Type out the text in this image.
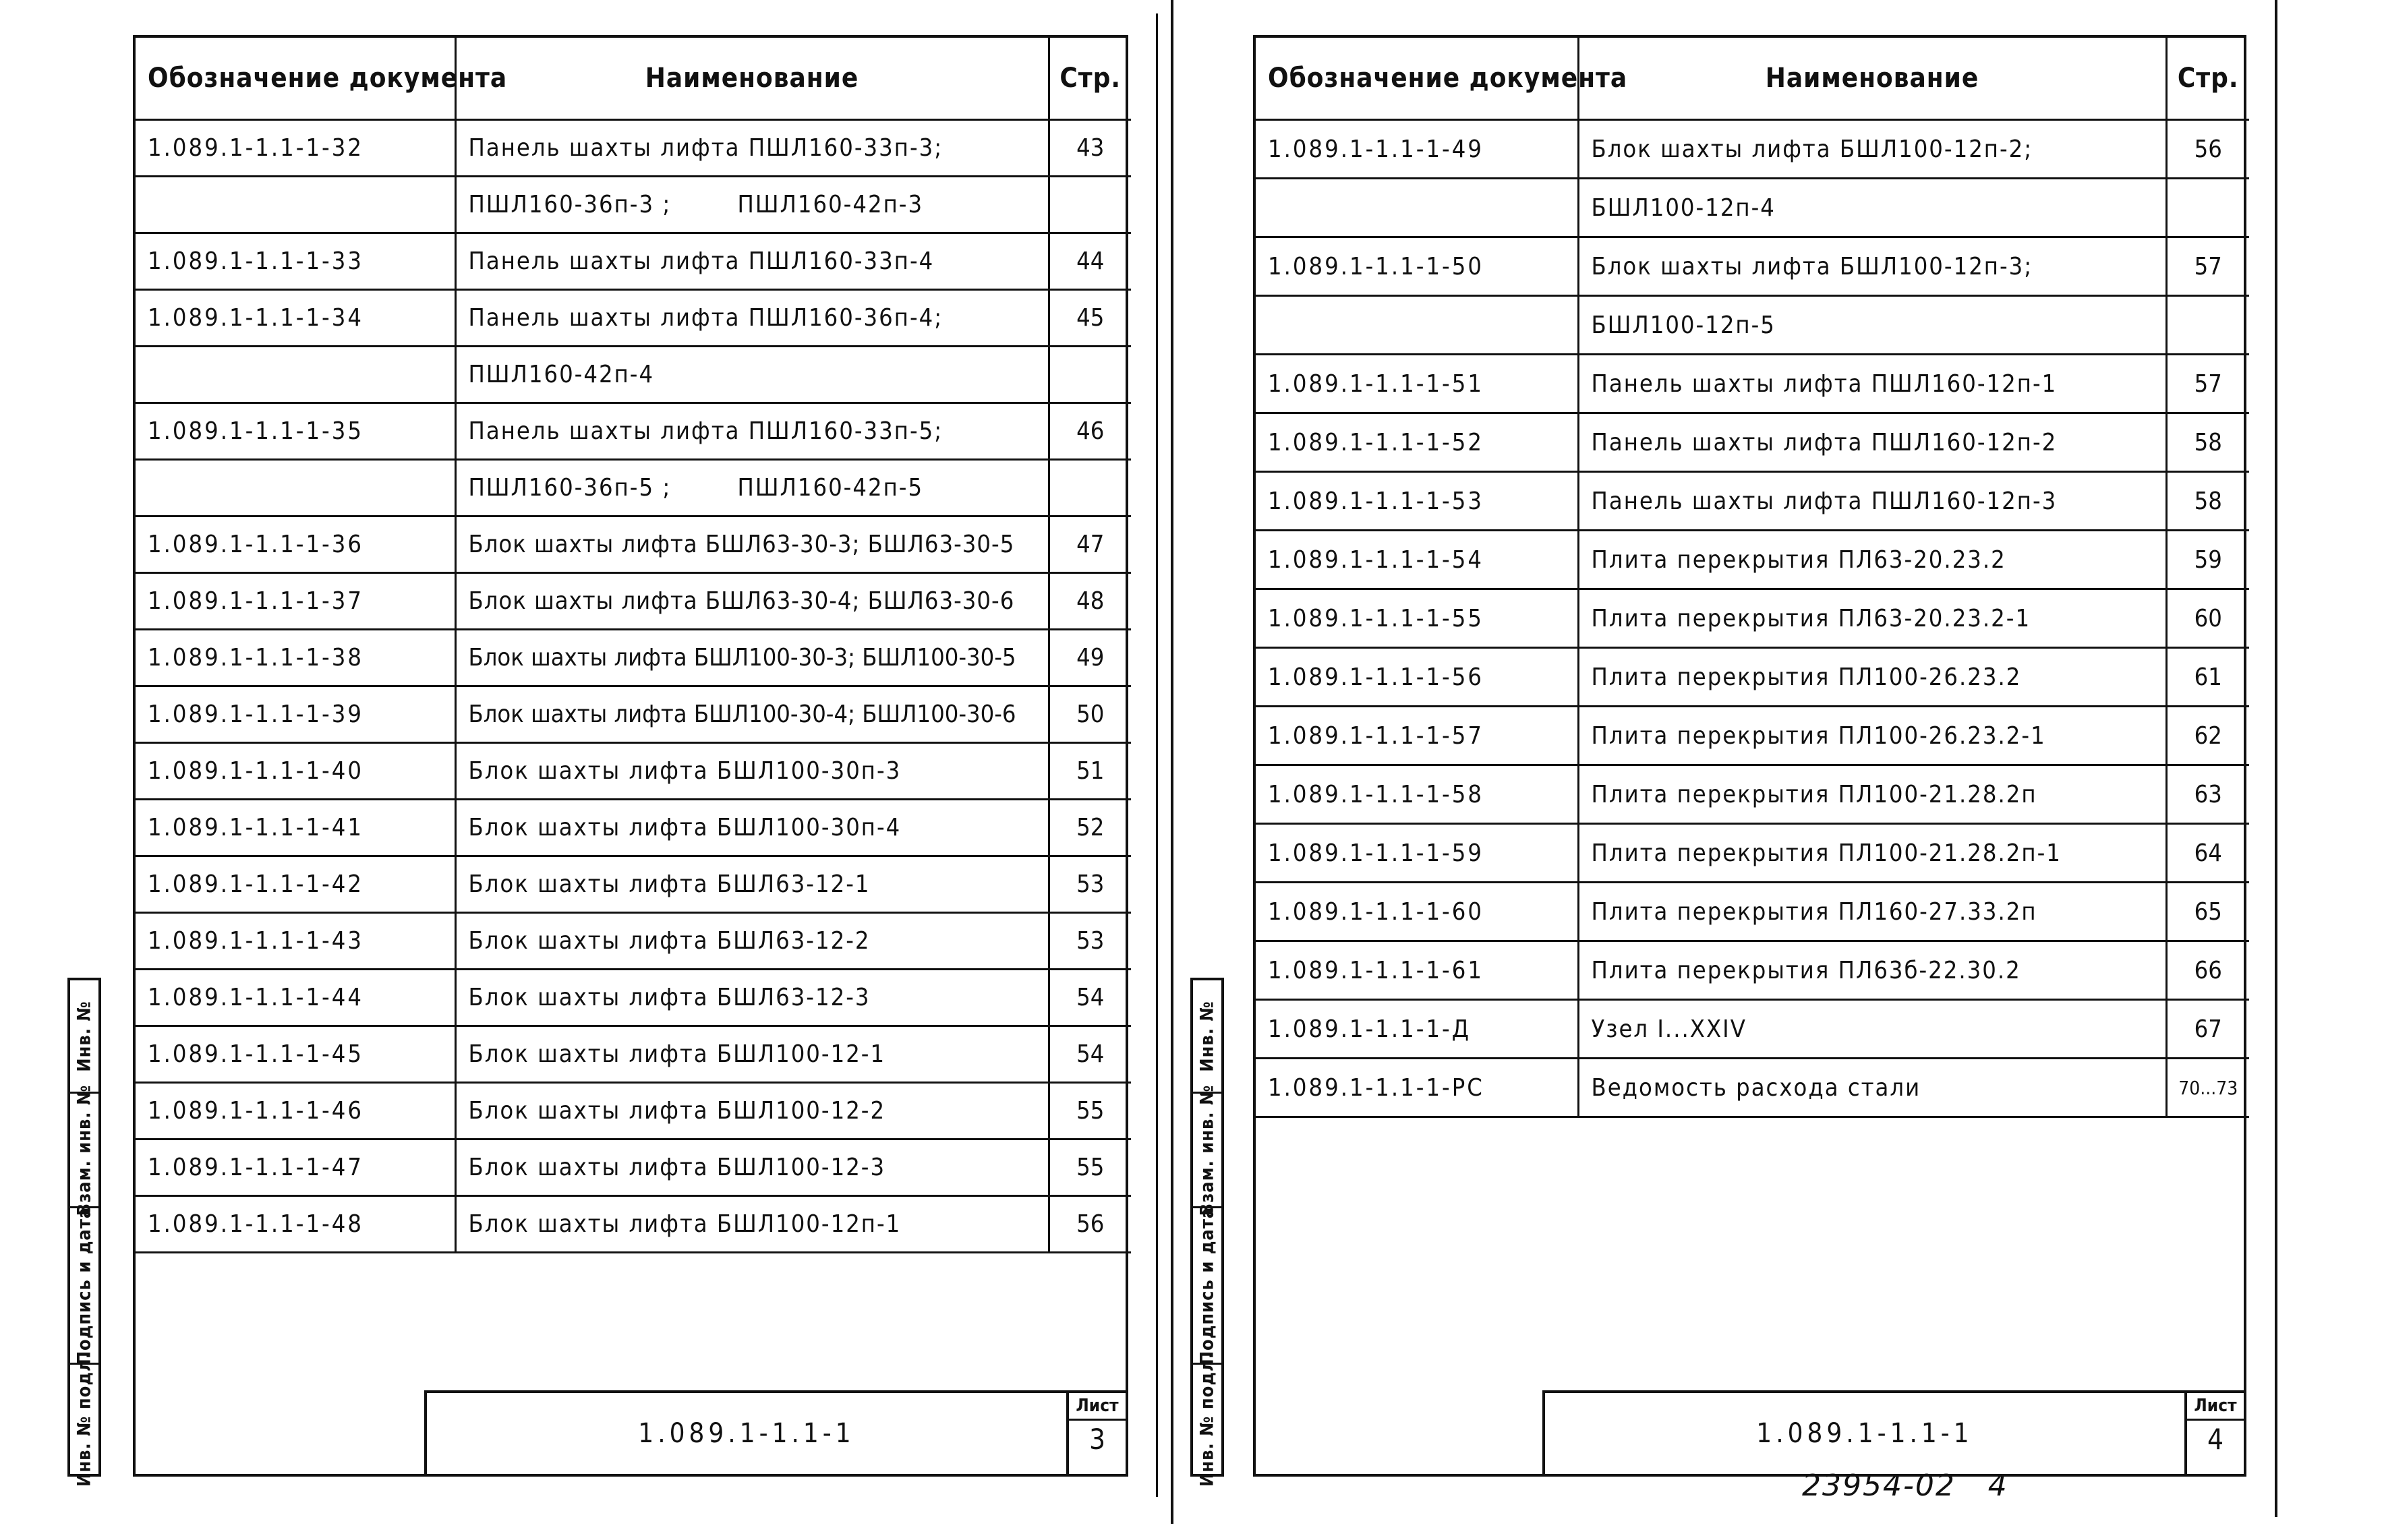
Обозначение документа	Наименование	Стр.
1.089.1-1.1-1-32	Панель шахты лифта ПШЛ160-33п-3;	43
	ПШЛ160-36п-3 ;        ПШЛ160-42п-3	
1.089.1-1.1-1-33	Панель шахты лифта ПШЛ160-33п-4	44
1.089.1-1.1-1-34	Панель шахты лифта ПШЛ160-36п-4;	45
	ПШЛ160-42п-4	
1.089.1-1.1-1-35	Панель шахты лифта ПШЛ160-33п-5;	46
	ПШЛ160-36п-5 ;        ПШЛ160-42п-5	
1.089.1-1.1-1-36	Блок шахты лифта БШЛ63-30-3; БШЛ63-30-5	47
1.089.1-1.1-1-37	Блок шахты лифта БШЛ63-30-4; БШЛ63-30-6	48
1.089.1-1.1-1-38	Блок шахты лифта БШЛ100-30-3; БШЛ100-30-5	49
1.089.1-1.1-1-39	Блок шахты лифта БШЛ100-30-4; БШЛ100-30-6	50
1.089.1-1.1-1-40	Блок шахты лифта БШЛ100-30п-3	51
1.089.1-1.1-1-41	Блок шахты лифта БШЛ100-30п-4	52
1.089.1-1.1-1-42	Блок шахты лифта БШЛ63-12-1	53
1.089.1-1.1-1-43	Блок шахты лифта БШЛ63-12-2	53
1.089.1-1.1-1-44	Блок шахты лифта БШЛ63-12-3	54
1.089.1-1.1-1-45	Блок шахты лифта БШЛ100-12-1	54
1.089.1-1.1-1-46	Блок шахты лифта БШЛ100-12-2	55
1.089.1-1.1-1-47	Блок шахты лифта БШЛ100-12-3	55
1.089.1-1.1-1-48	Блок шахты лифта БШЛ100-12п-1	56
1.089.1-1.1-1
Лист
3
Инв. №
Взам. инв. №
Подпись и дата
Инв. № подл.
Обозначение документа	Наименование	Стр.
1.089.1-1.1-1-49	Блок шахты лифта БШЛ100-12п-2;	56
	БШЛ100-12п-4	
1.089.1-1.1-1-50	Блок шахты лифта БШЛ100-12п-3;	57
	БШЛ100-12п-5	
1.089.1-1.1-1-51	Панель шахты лифта ПШЛ160-12п-1	57
1.089.1-1.1-1-52	Панель шахты лифта ПШЛ160-12п-2	58
1.089.1-1.1-1-53	Панель шахты лифта ПШЛ160-12п-3	58
1.089.1-1.1-1-54	Плита перекрытия ПЛ63-20.23.2	59
1.089.1-1.1-1-55	Плита перекрытия ПЛ63-20.23.2-1	60
1.089.1-1.1-1-56	Плита перекрытия ПЛ100-26.23.2	61
1.089.1-1.1-1-57	Плита перекрытия ПЛ100-26.23.2-1	62
1.089.1-1.1-1-58	Плита перекрытия ПЛ100-21.28.2п	63
1.089.1-1.1-1-59	Плита перекрытия ПЛ100-21.28.2п-1	64
1.089.1-1.1-1-60	Плита перекрытия ПЛ160-27.33.2п	65
1.089.1-1.1-1-61	Плита перекрытия ПЛ63б-22.30.2	66
1.089.1-1.1-1-Д	Узел I...XXIV	67
1.089.1-1.1-1-PC	Ведомость расхода стали	70...73
1.089.1-1.1-1
Лист
4
Инв. №
Взам. инв. №
Подпись и дата
Инв. № подл.	23954-02   4
